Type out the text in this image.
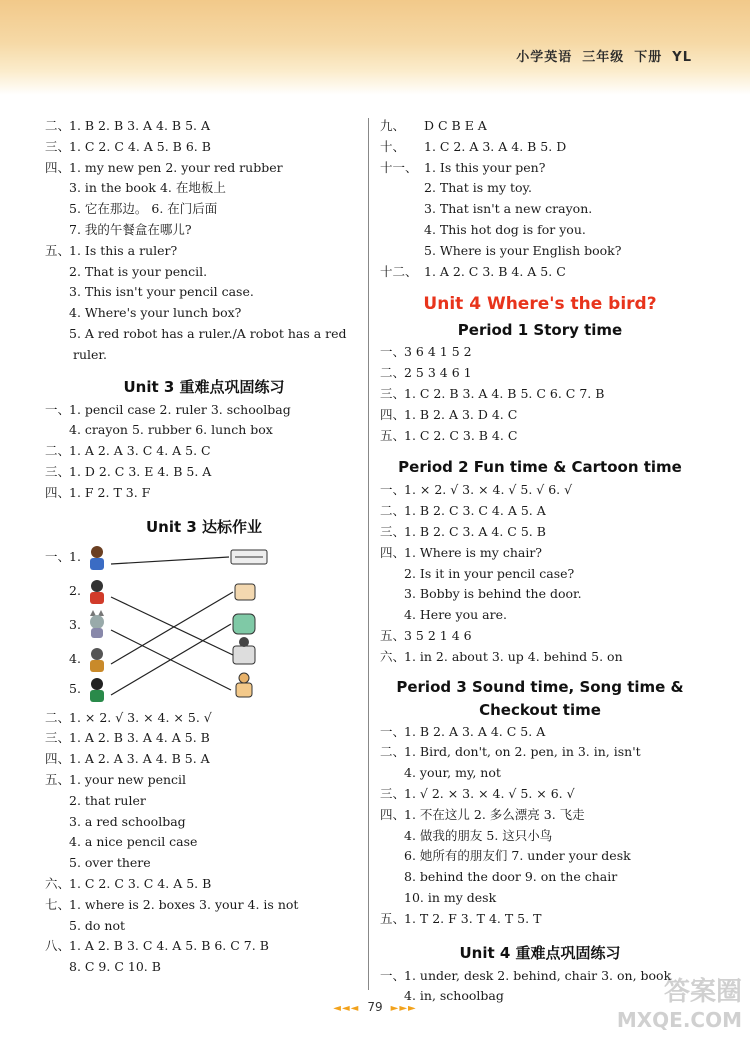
小学英语 三年级 下册 YL
二、1. B 2. B 3. A 4. B 5. A
三、1. C 2. C 4. A 5. B 6. B
四、1. my new pen 2. your red rubber
3. in the book 4. 在地板上
5. 它在那边。 6. 在门后面
7. 我的午餐盒在哪儿?
五、1. Is this a ruler?
2. That is your pencil.
3. This isn't your pencil case.
4. Where's your lunch box?
5. A red robot has a ruler./A robot has a red
ruler.
Unit 3 重难点巩固练习
一、1. pencil case 2. ruler 3. schoolbag
4. crayon 5. rubber 6. lunch box
二、1. A 2. A 3. C 4. A 5. C
三、1. D 2. C 3. E 4. B 5. A
四、1. F 2. T 3. F
Unit 3 达标作业
一、
1.
2.
3.
4.
5.
二、1. × 2. √ 3. × 4. × 5. √
三、1. A 2. B 3. A 4. A 5. B
四、1. A 2. A 3. A 4. B 5. A
五、1. your new pencil
2. that ruler
3. a red schoolbag
4. a nice pencil case
5. over there
六、1. C 2. C 3. C 4. A 5. B
七、1. where is 2. boxes 3. your 4. is not
5. do not
八、1. A 2. B 3. C 4. A 5. B 6. C 7. B
8. C 9. C 10. B
九、 D C B E A
十、 1. C 2. A 3. A 4. B 5. D
十一、 1. Is this your pen?
2. That is my toy.
3. That isn't a new crayon.
4. This hot dog is for you.
5. Where is your English book?
十二、 1. A 2. C 3. B 4. A 5. C
Unit 4 Where's the bird?
Period 1 Story time
一、3 6 4 1 5 2
二、2 5 3 4 6 1
三、1. C 2. B 3. A 4. B 5. C 6. C 7. B
四、1. B 2. A 3. D 4. C
五、1. C 2. C 3. B 4. C
Period 2 Fun time & Cartoon time
一、1. × 2. √ 3. × 4. √ 5. √ 6. √
二、1. B 2. C 3. C 4. A 5. A
三、1. B 2. C 3. A 4. C 5. B
四、1. Where is my chair?
2. Is it in your pencil case?
3. Bobby is behind the door.
4. Here you are.
五、3 5 2 1 4 6
六、1. in 2. about 3. up 4. behind 5. on
Period 3 Sound time, Song time &
Checkout time
一、1. B 2. A 3. A 4. C 5. A
二、1. Bird, don't, on 2. pen, in 3. in, isn't
4. your, my, not
三、1. √ 2. × 3. × 4. √ 5. × 6. √
四、1. 不在这儿 2. 多么漂亮 3. 飞走
4. 做我的朋友 5. 这只小鸟
6. 她所有的朋友们 7. under your desk
8. behind the door 9. on the chair
10. in my desk
五、1. T 2. F 3. T 4. T 5. T
Unit 4 重难点巩固练习
一、1. under, desk 2. behind, chair 3. on, book
4. in, schoolbag
◄◄◄ 79 ►►►
答案圈
MXQE.COM
